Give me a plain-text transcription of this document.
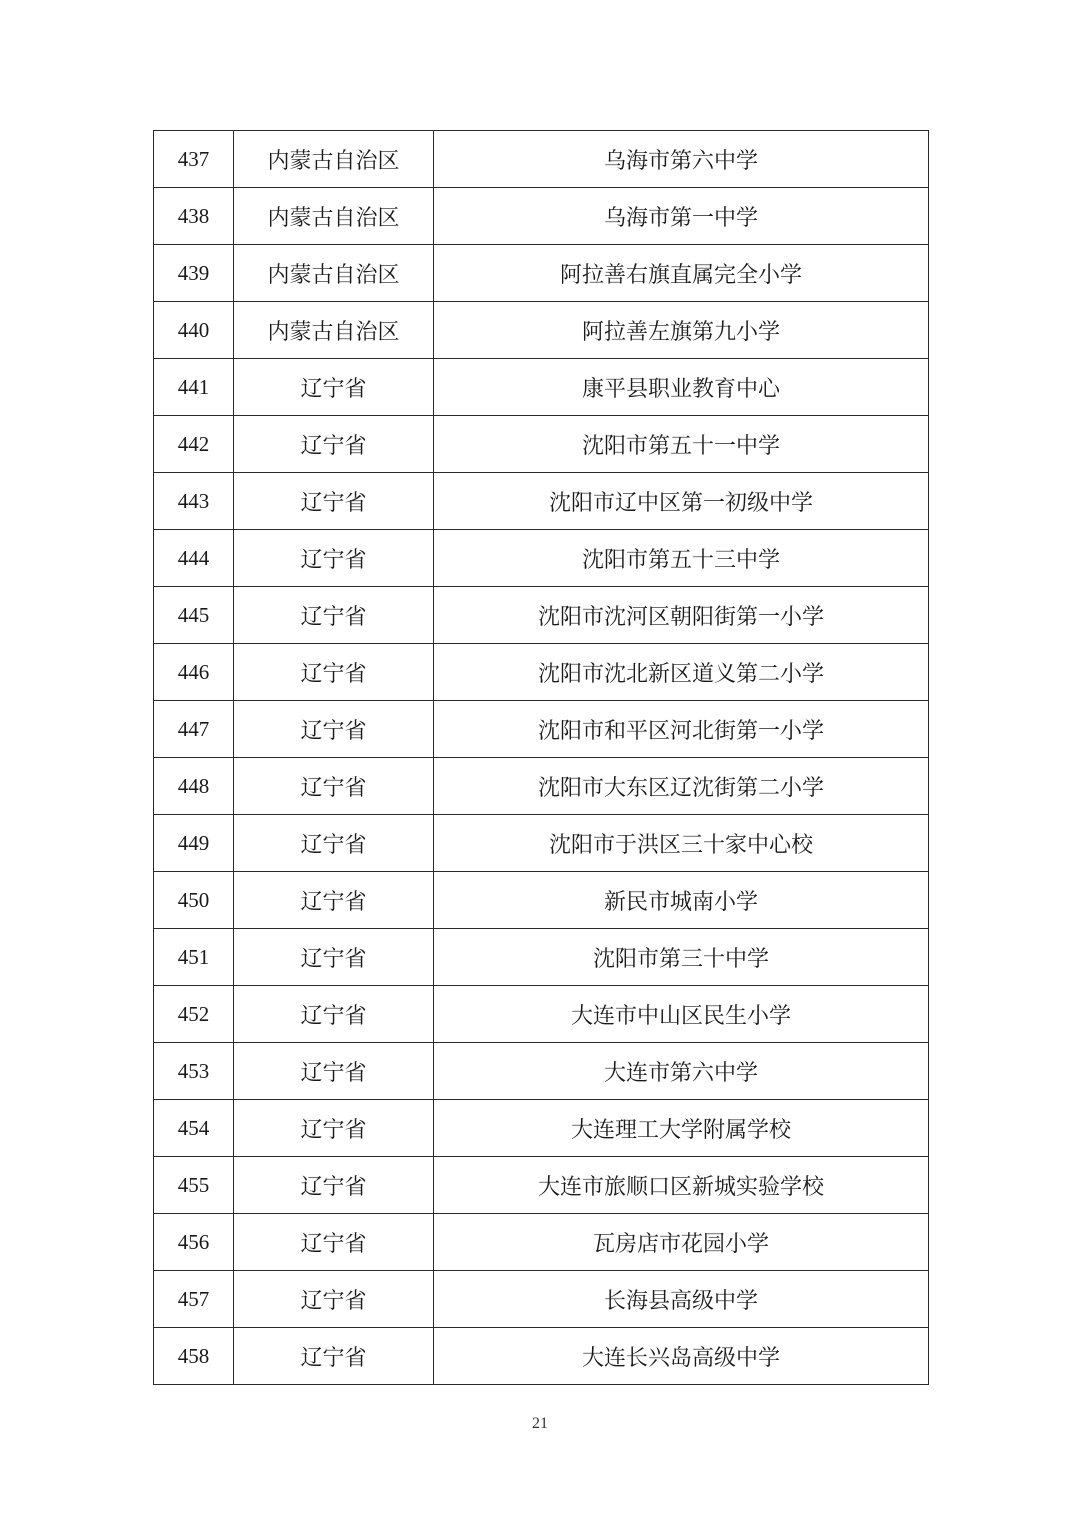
437	内蒙古自治区	乌海市第六中学
438	内蒙古自治区	乌海市第一中学
439	内蒙古自治区	阿拉善右旗直属完全小学
440	内蒙古自治区	阿拉善左旗第九小学
441	辽宁省	康平县职业教育中心
442	辽宁省	沈阳市第五十一中学
443	辽宁省	沈阳市辽中区第一初级中学
444	辽宁省	沈阳市第五十三中学
445	辽宁省	沈阳市沈河区朝阳街第一小学
446	辽宁省	沈阳市沈北新区道义第二小学
447	辽宁省	沈阳市和平区河北街第一小学
448	辽宁省	沈阳市大东区辽沈街第二小学
449	辽宁省	沈阳市于洪区三十家中心校
450	辽宁省	新民市城南小学
451	辽宁省	沈阳市第三十中学
452	辽宁省	大连市中山区民生小学
453	辽宁省	大连市第六中学
454	辽宁省	大连理工大学附属学校
455	辽宁省	大连市旅顺口区新城实验学校
456	辽宁省	瓦房店市花园小学
457	辽宁省	长海县高级中学
458	辽宁省	大连长兴岛高级中学
21
